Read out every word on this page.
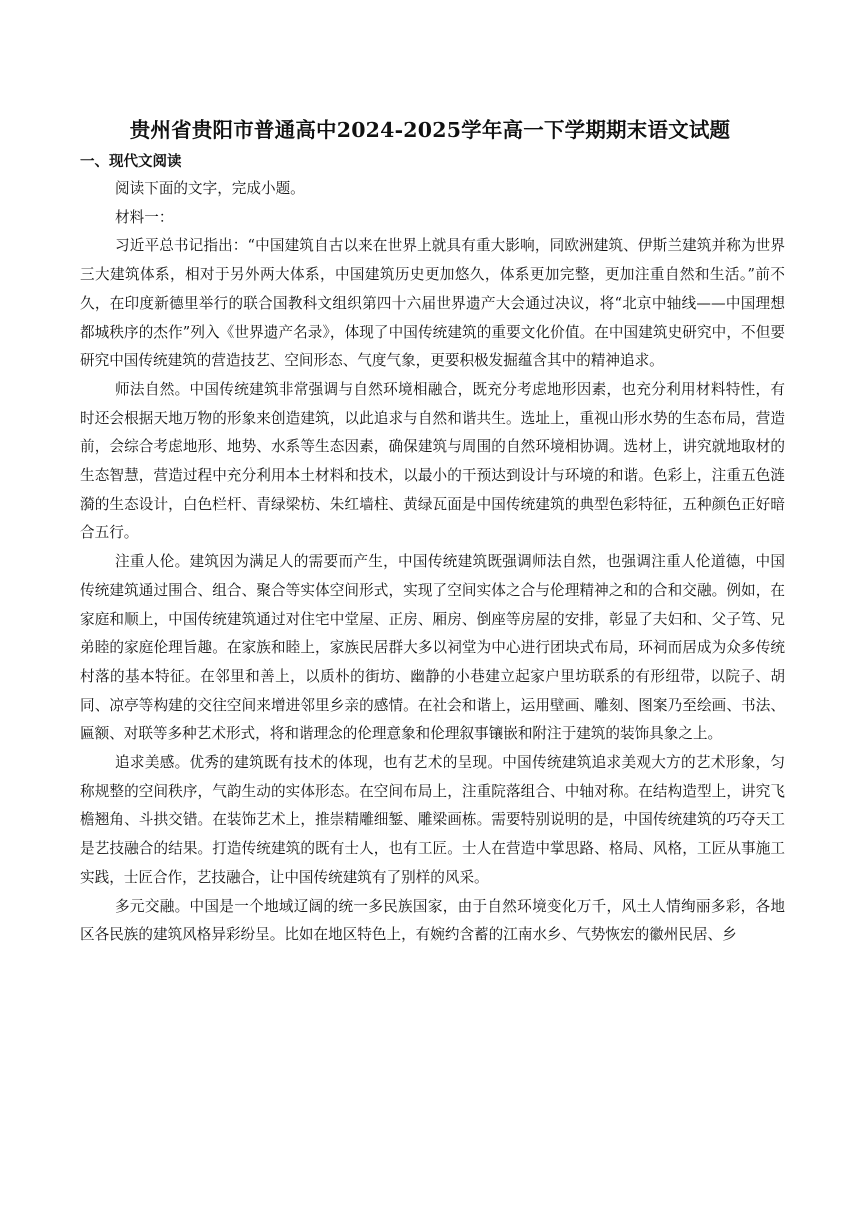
贵州省贵阳市普通高中2024-2025学年高一下学期期末语文试题
一、现代文阅读

阅读下面的文字，完成小题。

材料一：

习近平总书记指出：“中国建筑自古以来在世界上就具有重大影响，同欧洲建筑、伊斯兰建筑并称为世界三大建筑体系，相对于另外两大体系，中国建筑历史更加悠久，体系更加完整，更加注重自然和生活。”前不久，在印度新德里举行的联合国教科文组织第四十六届世界遗产大会通过决议，将“北京中轴线——中国理想都城秩序的杰作”列入《世界遗产名录》，体现了中国传统建筑的重要文化价值。在中国建筑史研究中，不但要研究中国传统建筑的营造技艺、空间形态、气度气象，更要积极发掘蕴含其中的精神追求。

师法自然。中国传统建筑非常强调与自然环境相融合，既充分考虑地形因素，也充分利用材料特性，有时还会根据天地万物的形象来创造建筑，以此追求与自然和谐共生。选址上，重视山形水势的生态布局，营造前，会综合考虑地形、地势、水系等生态因素，确保建筑与周围的自然环境相协调。选材上，讲究就地取材的生态智慧，营造过程中充分利用本土材料和技术，以最小的干预达到设计与环境的和谐。色彩上，注重五色涟漪的生态设计，白色栏杆、青绿梁枋、朱红墙柱、黄绿瓦面是中国传统建筑的典型色彩特征，五种颜色正好暗合五行。

注重人伦。建筑因为满足人的需要而产生，中国传统建筑既强调师法自然，也强调注重人伦道德，中国传统建筑通过围合、组合、聚合等实体空间形式，实现了空间实体之合与伦理精神之和的合和交融。例如，在家庭和顺上，中国传统建筑通过对住宅中堂屋、正房、厢房、倒座等房屋的安排，彰显了夫妇和、父子笃、兄弟睦的家庭伦理旨趣。在家族和睦上，家族民居群大多以祠堂为中心进行团块式布局，环祠而居成为众多传统村落的基本特征。在邻里和善上，以质朴的街坊、幽静的小巷建立起家户里坊联系的有形纽带，以院子、胡同、凉亭等构建的交往空间来增进邻里乡亲的感情。在社会和谐上，运用壁画、雕刻、图案乃至绘画、书法、匾额、对联等多种艺术形式，将和谐理念的伦理意象和伦理叙事镶嵌和附注于建筑的装饰具象之上。

追求美感。优秀的建筑既有技术的体现，也有艺术的呈现。中国传统建筑追求美观大方的艺术形象，匀称规整的空间秩序，气韵生动的实体形态。在空间布局上，注重院落组合、中轴对称。在结构造型上，讲究飞檐翘角、斗拱交错。在装饰艺术上，推崇精雕细錾、雕梁画栋。需要特别说明的是，中国传统建筑的巧夺天工是艺技融合的结果。打造传统建筑的既有士人，也有工匠。士人在营造中掌思路、格局、风格，工匠从事施工实践，士匠合作，艺技融合，让中国传统建筑有了别样的风采。

多元交融。中国是一个地域辽阔的统一多民族国家，由于自然环境变化万千，风土人情绚丽多彩，各地区各民族的建筑风格异彩纷呈。比如在地区特色上，有婉约含蓄的江南水乡、气势恢宏的徽州民居、乡
